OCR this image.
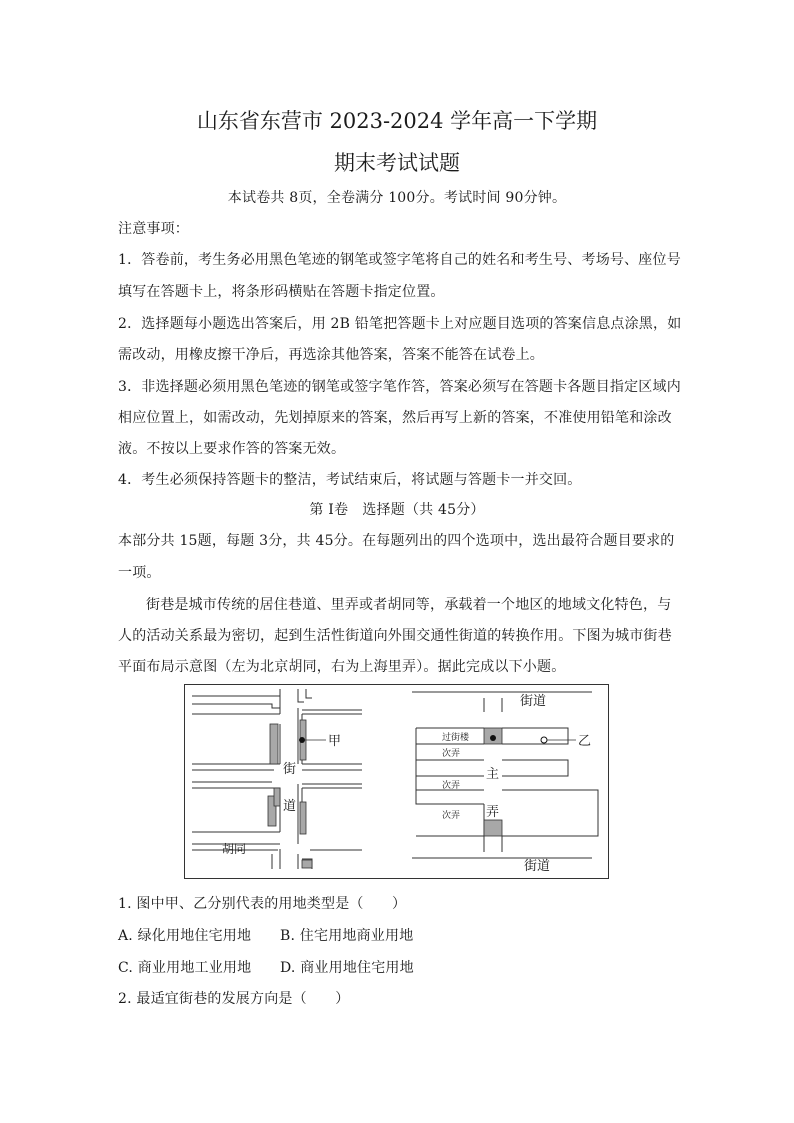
山东省东营市 2023-2024 学年高一下学期
期末考试试题
本试卷共 8页，全卷满分 100分。考试时间 90分钟。
注意事项：
1．答卷前，考生务必用黑色笔迹的钢笔或签字笔将自己的姓名和考生号、考场号、座位号
填写在答题卡上，将条形码横贴在答题卡指定位置。
2．选择题每小题选出答案后，用 2B 铅笔把答题卡上对应题目选项的答案信息点涂黑，如
需改动，用橡皮擦干净后，再选涂其他答案，答案不能答在试卷上。
3．非选择题必须用黑色笔迹的钢笔或签字笔作答，答案必须写在答题卡各题目指定区域内
相应位置上，如需改动，先划掉原来的答案，然后再写上新的答案，不准使用铅笔和涂改
液。不按以上要求作答的答案无效。
4．考生必须保持答题卡的整洁，考试结束后，将试题与答题卡一并交回。
第 I卷　选择题（共 45分）
本部分共 15题，每题 3分，共 45分。在每题列出的四个选项中，选出最符合题目要求的
一项。
街巷是城市传统的居住巷道、里弄或者胡同等，承载着一个地区的地域文化特色，与
人的活动关系最为密切，起到生活性街道向外围交通性街道的转换作用。下图为城市街巷
平面布局示意图（左为北京胡同，右为上海里弄）。据此完成以下小题。
甲
街
道
胡同
乙
街道
街道
过街楼
次弄
次弄
次弄
主
弄
1. 图中甲、乙分别代表的用地类型是（　　）
A. 绿化用地住宅用地 B. 住宅用地商业用地
C. 商业用地工业用地 D. 商业用地住宅用地
2. 最适宜街巷的发展方向是（　　）
